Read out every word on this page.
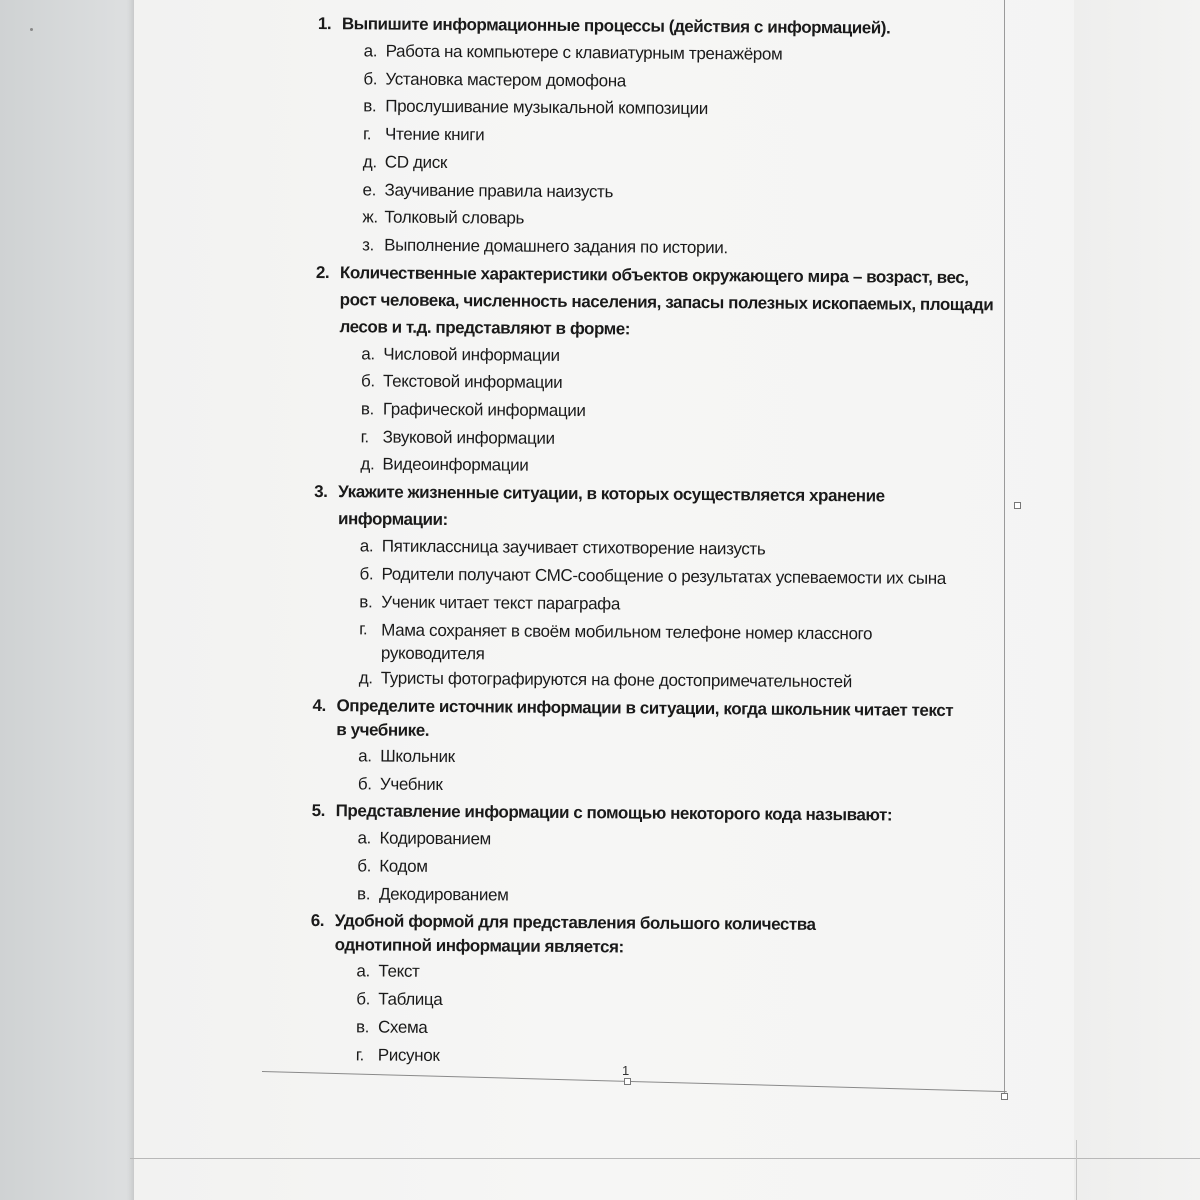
1
1. Выпишите информационные процессы (действия с информацией).
а. Работа на компьютере с клавиатурным тренажёром
б. Установка мастером домофона
в. Прослушивание музыкальной композиции
г. Чтение книги
д. CD диск
е. Заучивание правила наизусть
ж. Толковый словарь
з. Выполнение домашнего задания по истории.
2. Количественные характеристики объектов окружающего мира – возраст, вес, рост человека, численность населения, запасы полезных ископаемых, площади лесов и т.д. представляют в форме:
а. Числовой информации
б. Текстовой информации
в. Графической информации
г. Звуковой информации
д. Видеоинформации
3. Укажите жизненные ситуации, в которых осуществляется хранение информации:
а. Пятиклассница заучивает стихотворение наизусть
б. Родители получают СМС-сообщение о результатах успеваемости их сына
в. Ученик читает текст параграфа
г. Мама сохраняет в своём мобильном телефоне номер классного руководителя
д. Туристы фотографируются на фоне достопримечательностей
4. Определите источник информации в ситуации, когда школьник читает текст в учебнике.
а. Школьник
б. Учебник
5. Представление информации с помощью некоторого кода называют:
а. Кодированием
б. Кодом
в. Декодированием
6. Удобной формой для представления большого количества однотипной информации является:
а. Текст
б. Таблица
в. Схема
г. Рисунок
